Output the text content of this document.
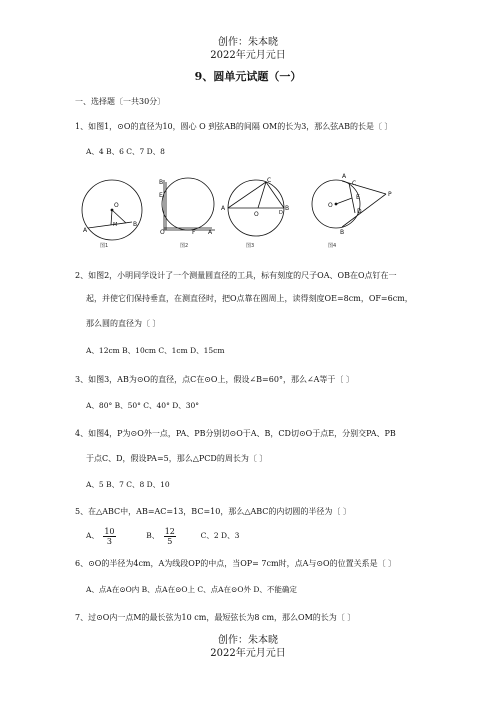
创作：朱本晓
2022年元月元日
9、圆单元试题（一）
一、选择题〔一共30分〕
1、如图1，⊙O的直径为10，圆心 O 到弦AB的间隔 OM的长为3，那么弦AB的长是〔 〕
A、4 B、6 C、7 D、8
O
M
A
B
图1
B
E
O	F A
图2
C
A	B
O	D
图3
A
C
O
E	P
D
B
图4
2、如图2，小明同学设计了一个测量圆直径的工具，标有刻度的尺子OA、OB在O点钉在一
起，并使它们保持垂直，在测直径时，把O点靠在圆周上，读得刻度OE=8cm，OF=6cm，
那么圆的直径为〔 〕
A、12cm B、10cm C、1cm D、15cm
3、如图3，AB为⊙O的直径，点C在⊙O上，假设∠B=60°，那么∠A等于〔 〕
A、80° B、50° C、40° D、30°
4、如图4，P为⊙O外一点，PA、PB分别切⊙O于A、B，CD切⊙O于点E，分别交PA、PB
于点C、D，假设PA=5，那么△PCD的周长为〔 〕
A、5 B、7 C、8 D、10
5、在△ABC中，AB=AC=13，BC=10，那么△ABC的内切圆的半径为〔 〕
A、 $\frac{10}{3}$	B、 $\frac{12}{5}$	C、2 D、3
6、⊙O的半径为4cm，A为线段OP的中点，当OP= 7cm时，点A与⊙O的位置关系是〔 〕
A、点A在⊙O内 B、点A在⊙O上 C、点A在⊙O外 D、不能确定
7、过⊙O内一点M的最长弦为10 cm，最短弦长为8 cm，那么OM的长为〔 〕
创作：朱本晓
2022年元月元日
